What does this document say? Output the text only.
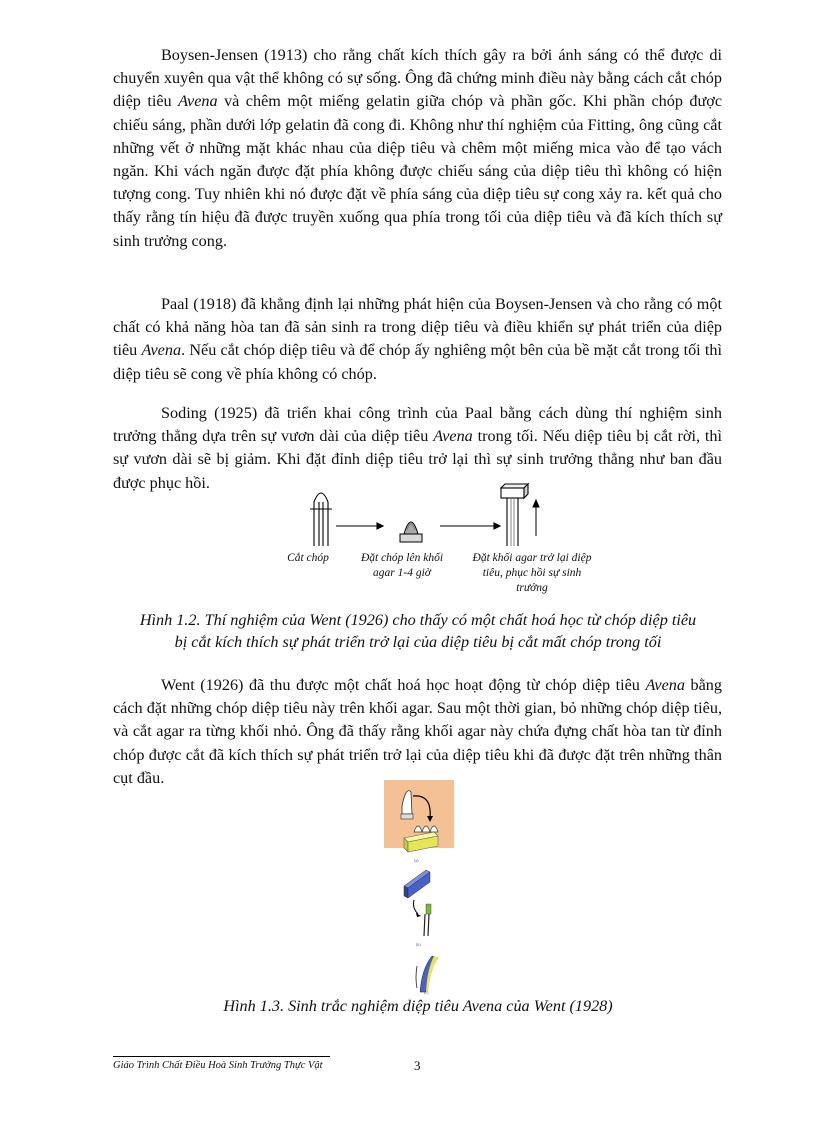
Boysen-Jensen (1913) cho rằng chất kích thích gây ra bởi ánh sáng có thể được di chuyển xuyên qua vật thể không có sự sống. Ông đã chứng minh điều này bằng cách cắt chóp diệp tiêu Avena và chêm một miếng gelatin giữa chóp và phần gốc. Khi phần chóp được chiếu sáng, phần dưới lớp gelatin đã cong đi. Không như thí nghiệm của Fitting, ông cũng cắt những vết ở những mặt khác nhau của diệp tiêu và chêm một miếng mica vào để tạo vách ngăn. Khi vách ngăn được đặt phía không được chiếu sáng của diệp tiêu thì không có hiện tượng cong. Tuy nhiên khi nó được đặt về phía sáng của diệp tiêu sự cong xảy ra. kết quả cho thấy rằng tín hiệu đã được truyền xuống qua phía trong tối của diệp tiêu và đã kích thích sự sinh trưởng cong.

Paal (1918) đã khẳng định lại những phát hiện của Boysen-Jensen và cho rằng có một chất có khả năng hòa tan đã sản sinh ra trong diệp tiêu và điều khiển sự phát triển của diệp tiêu Avena. Nếu cắt chóp diệp tiêu và để chóp ấy nghiêng một bên của bề mặt cắt trong tối thì diệp tiêu sẽ cong về phía không có chóp.

Soding (1925) đã triển khai công trình của Paal bằng cách dùng thí nghiệm sinh trưởng thẳng dựa trên sự vươn dài của diệp tiêu Avena trong tối. Nếu diệp tiêu bị cắt rời, thì sự vươn dài sẽ bị giảm. Khi đặt đỉnh diệp tiêu trở lại thì sự sinh trưởng thẳng như ban đầu được phục hồi.

Cắt chóp	Đặt chóp lên khối agar 1-4 giờ
Đặt khối agar trở lại diệp tiêu, phục hồi sự sinh trưởng

Hình 1.2. Thí nghiệm của Went (1926) cho thấy có một chất hoá học từ chóp diệp tiêu

bị cắt kích thích sự phát triển trở lại của diệp tiêu bị cắt mất chóp trong tối

Went (1926) đã thu được một chất hoá học hoạt động từ chóp diệp tiêu Avena bằng cách đặt những chóp diệp tiêu này trên khối agar. Sau một thời gian, bỏ những chóp diệp tiêu, và cắt agar ra từng khối nhỏ. Ông đã thấy rằng khối agar này chứa đựng chất hòa tan từ đỉnh chóp được cắt đã kích thích sự phát triển trở lại của diệp tiêu khi đã được đặt trên những thân cụt đầu.

(a)
(b)
(c)

Hình 1.3. Sinh trắc nghiệm diệp tiêu Avena của Went (1928)

Giáo Trình Chất Điều Hoà Sinh Trưởng Thực Vật	3
